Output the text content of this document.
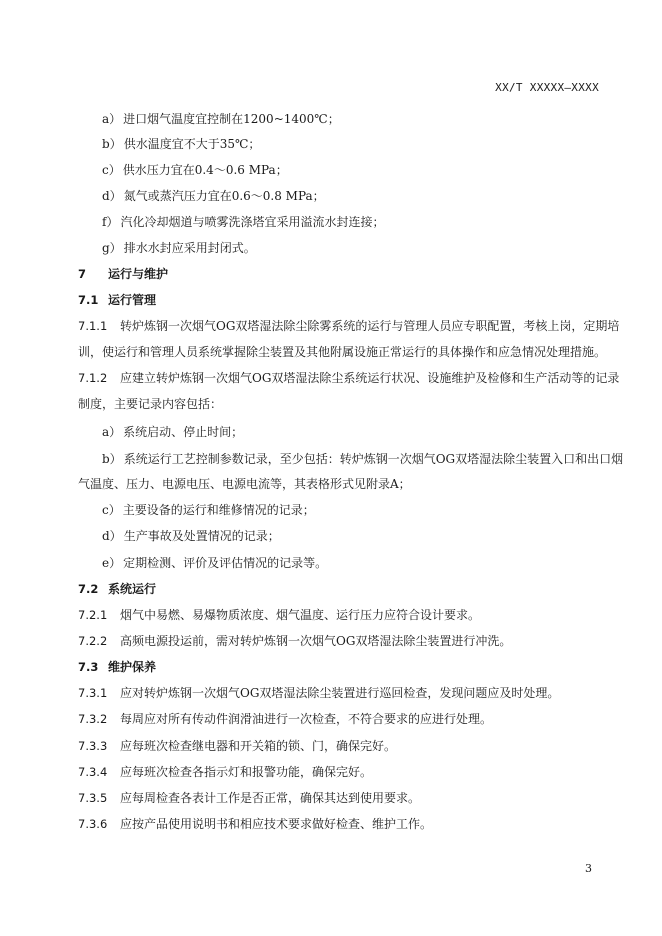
XX/T XXXXX—XXXX
a） 进口烟气温度宜控制在1200~1400℃；
b） 供水温度宜不大于35℃；
c） 供水压力宜在0.4～0.6 MPa；
d） 氮气或蒸汽压力宜在0.6～0.8 MPa；
f） 汽化冷却烟道与喷雾洗涤塔宜采用溢流水封连接；
g） 排水水封应采用封闭式。
7 运行与维护
7.1 运行管理
7.1.1 转炉炼钢一次烟气OG双塔湿法除尘除雾系统的运行与管理人员应专职配置，考核上岗，定期培
训，使运行和管理人员系统掌握除尘装置及其他附属设施正常运行的具体操作和应急情况处理措施。
7.1.2 应建立转炉炼钢一次烟气OG双塔湿法除尘系统运行状况、设施维护及检修和生产活动等的记录
制度，主要记录内容包括：
a） 系统启动、停止时间；
b） 系统运行工艺控制参数记录，至少包括：转炉炼钢一次烟气OG双塔湿法除尘装置入口和出口烟
气温度、压力、电源电压、电源电流等，其表格形式见附录A；
c） 主要设备的运行和维修情况的记录；
d） 生产事故及处置情况的记录；
e） 定期检测、评价及评估情况的记录等。
7.2 系统运行
7.2.1 烟气中易燃、易爆物质浓度、烟气温度、运行压力应符合设计要求。
7.2.2 高频电源投运前，需对转炉炼钢一次烟气OG双塔湿法除尘装置进行冲洗。
7.3 维护保养
7.3.1 应对转炉炼钢一次烟气OG双塔湿法除尘装置进行巡回检查，发现问题应及时处理。
7.3.2 每周应对所有传动件润滑油进行一次检查，不符合要求的应进行处理。
7.3.3 应每班次检查继电器和开关箱的锁、门，确保完好。
7.3.4 应每班次检查各指示灯和报警功能，确保完好。
7.3.5 应每周检查各表计工作是否正常，确保其达到使用要求。
7.3.6 应按产品使用说明书和相应技术要求做好检查、维护工作。
3
